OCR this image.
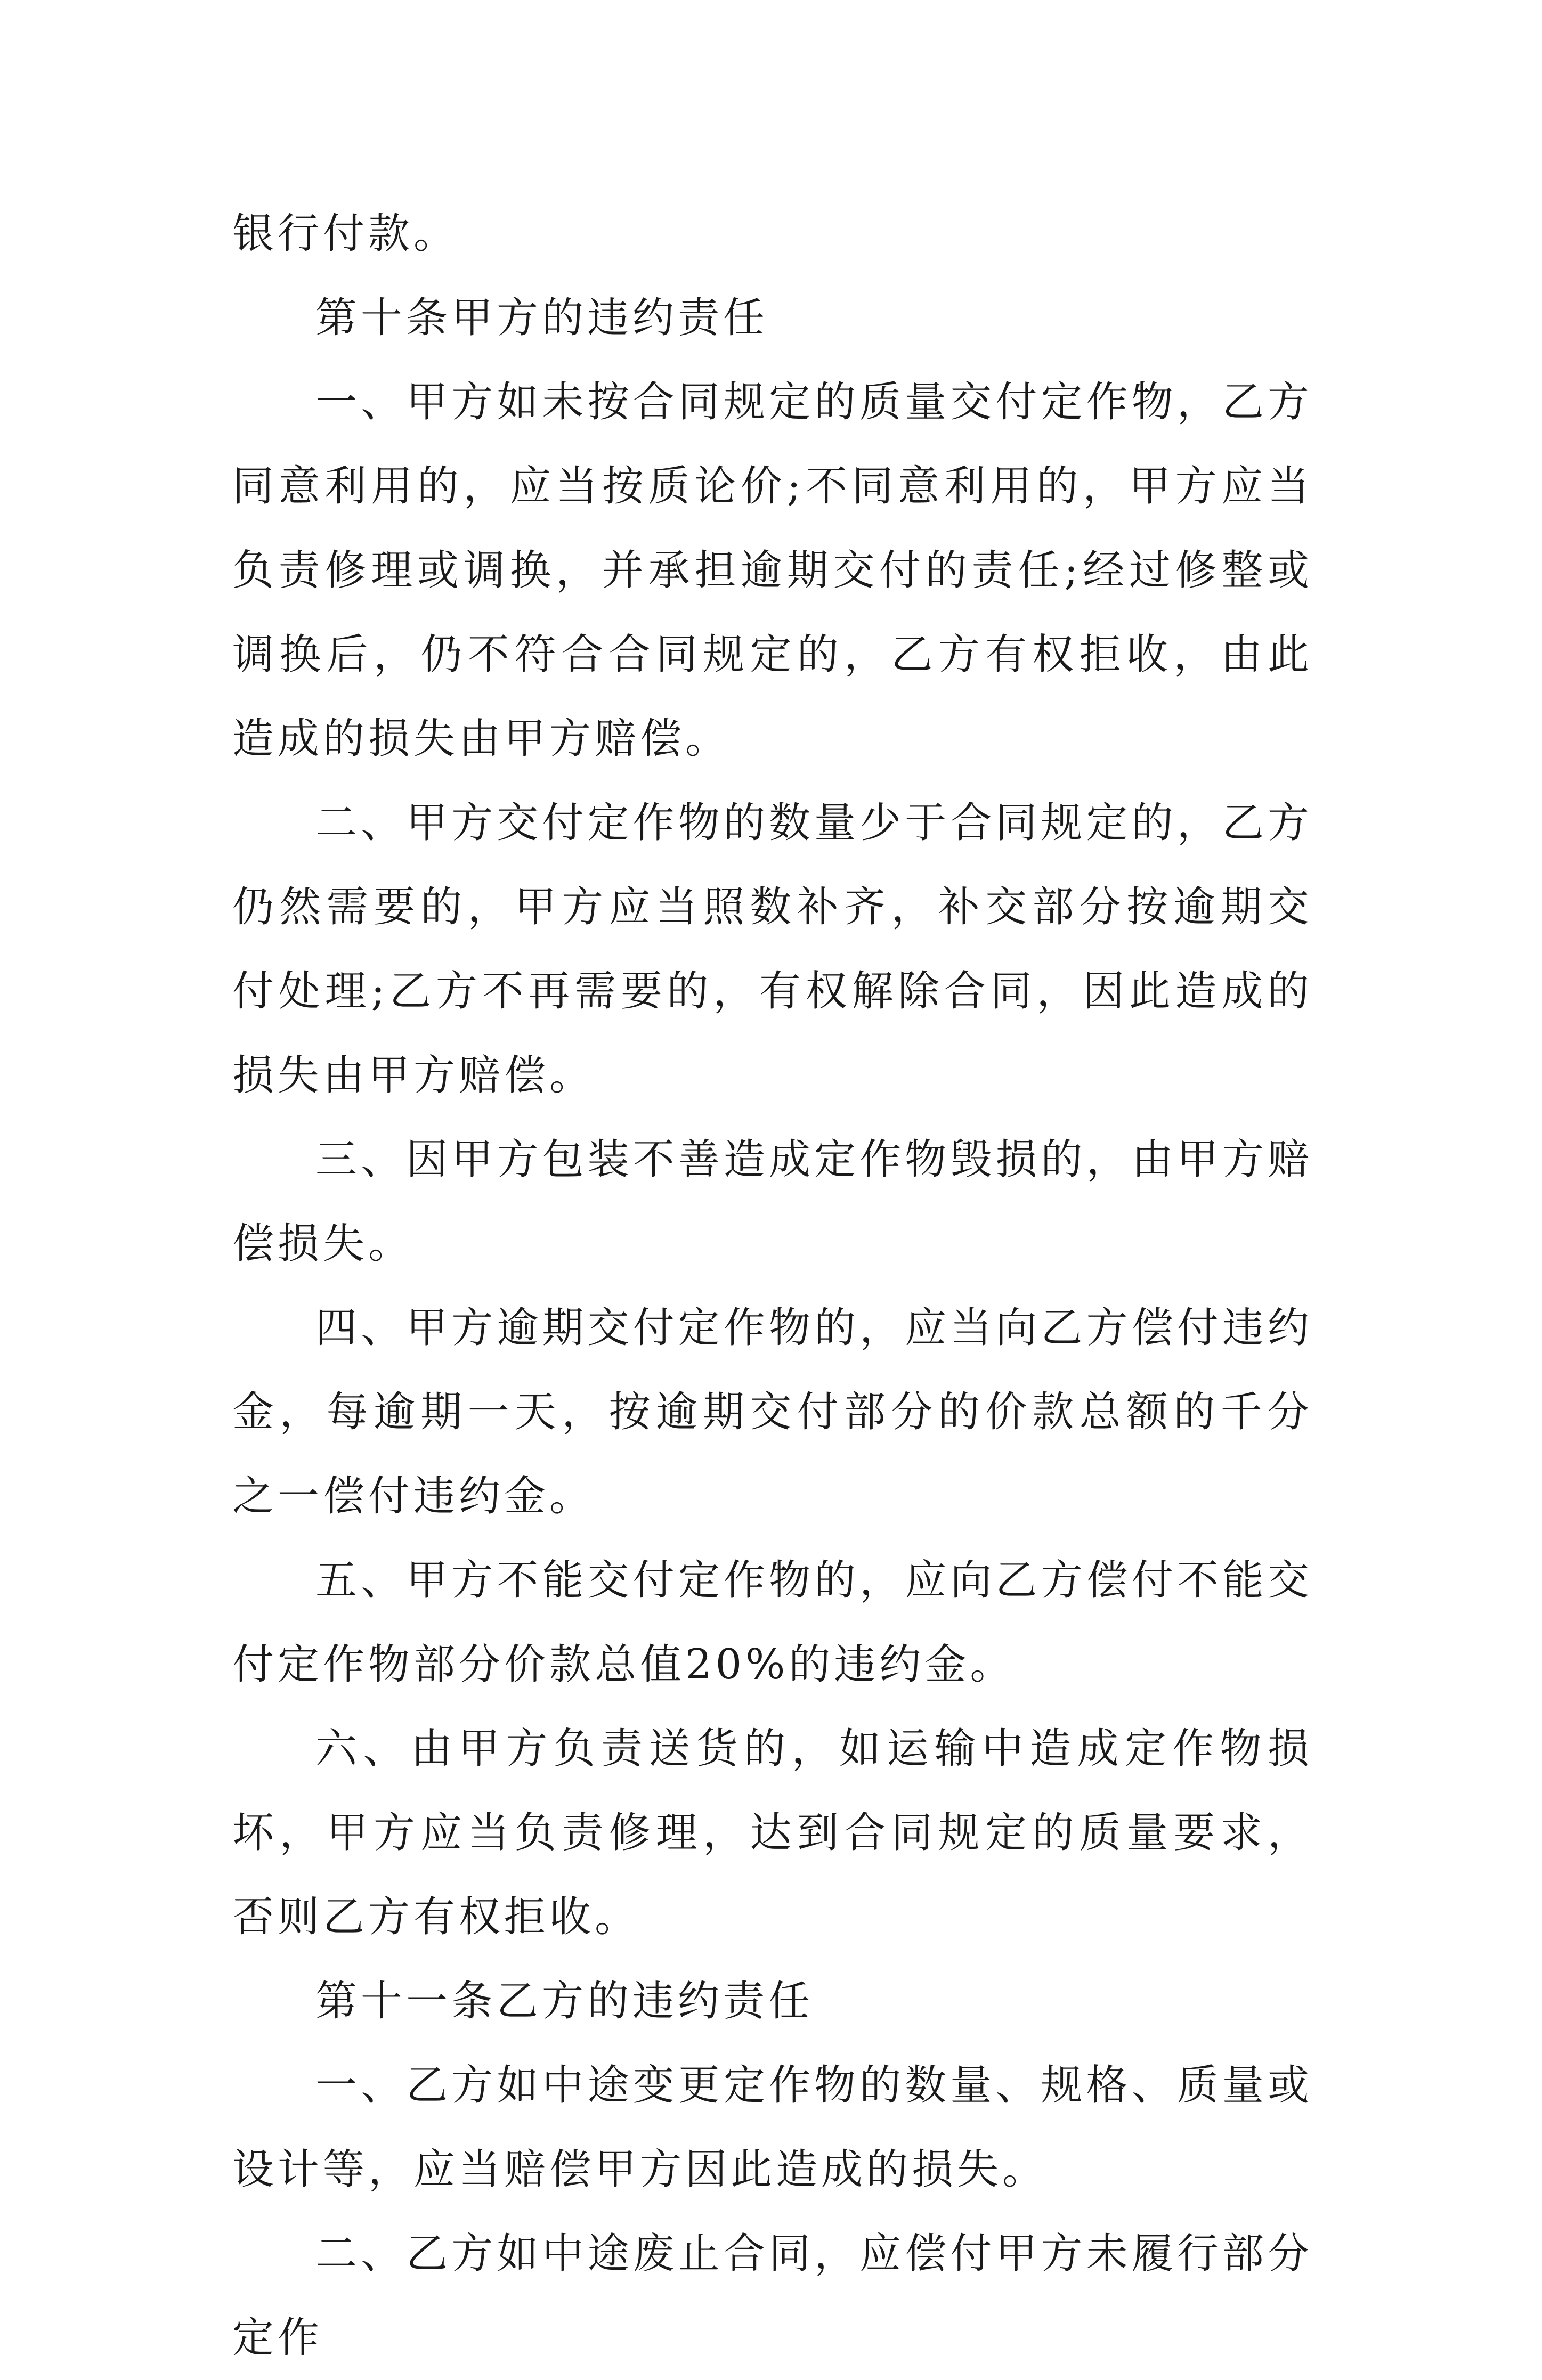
银行付款。

第十条甲方的违约责任

一、甲方如未按合同规定的质量交付定作物，乙方同意利用的，应当按质论价;不同意利用的，甲方应当负责修理或调换，并承担逾期交付的责任;经过修整或调换后，仍不符合合同规定的，乙方有权拒收，由此造成的损失由甲方赔偿。

二、甲方交付定作物的数量少于合同规定的，乙方仍然需要的，甲方应当照数补齐，补交部分按逾期交付处理;乙方不再需要的，有权解除合同，因此造成的损失由甲方赔偿。

三、因甲方包装不善造成定作物毁损的，由甲方赔偿损失。

四、甲方逾期交付定作物的，应当向乙方偿付违约金，每逾期一天，按逾期交付部分的价款总额的千分之一偿付违约金。

五、甲方不能交付定作物的，应向乙方偿付不能交付定作物部分价款总值20%的违约金。

六、由甲方负责送货的，如运输中造成定作物损坏，甲方应当负责修理，达到合同规定的质量要求，否则乙方有权拒收。

第十一条乙方的违约责任

一、乙方如中途变更定作物的数量、规格、质量或设计等，应当赔偿甲方因此造成的损失。

二、乙方如中途废止合同，应偿付甲方未履行部分定作
